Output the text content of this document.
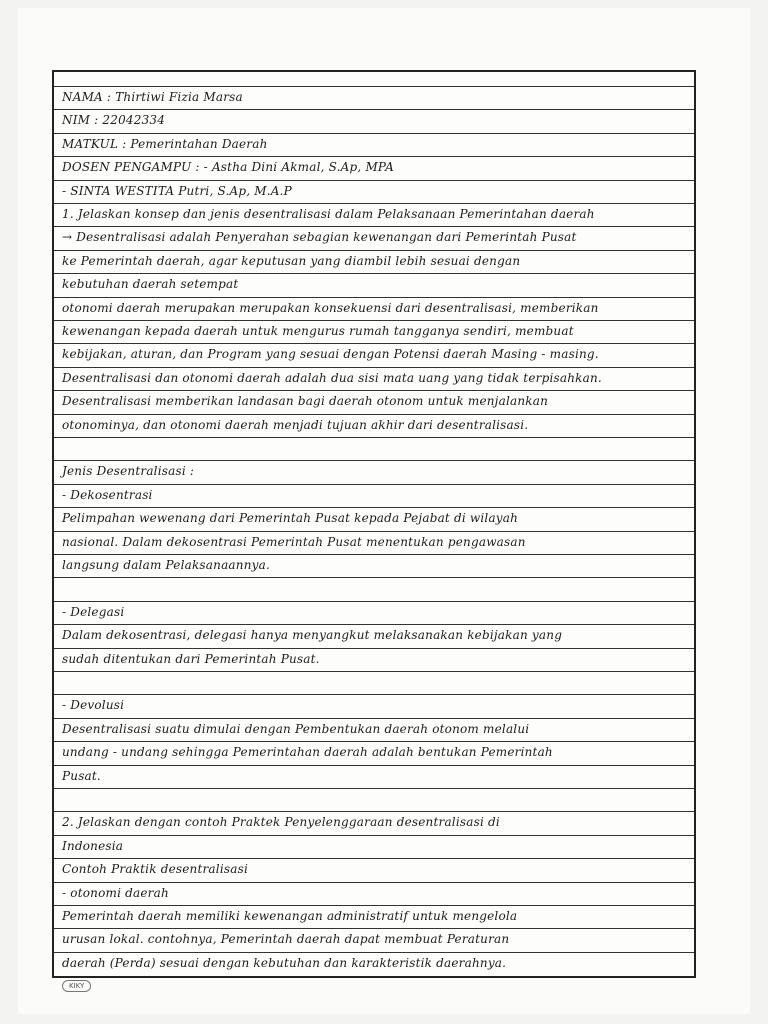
NAMA : Thirtiwi Fizia Marsa
NIM : 22042334
MATKUL : Pemerintahan Daerah
DOSEN PENGAMPU : - Astha Dini Akmal, S.Ap, MPA
- SINTA WESTITA Putri, S.Ap, M.A.P
1. Jelaskan konsep dan jenis desentralisasi dalam Pelaksanaan Pemerintahan daerah
→ Desentralisasi adalah Penyerahan sebagian kewenangan dari Pemerintah Pusat
ke Pemerintah daerah, agar keputusan yang diambil lebih sesuai dengan
kebutuhan daerah setempat
otonomi daerah merupakan merupakan konsekuensi dari desentralisasi, memberikan
kewenangan kepada daerah untuk mengurus rumah tangganya sendiri, membuat
kebijakan, aturan, dan Program yang sesuai dengan Potensi daerah Masing - masing.
Desentralisasi dan otonomi daerah adalah dua sisi mata uang yang tidak terpisahkan.
Desentralisasi memberikan landasan bagi daerah otonom untuk menjalankan
otonominya, dan otonomi daerah menjadi tujuan akhir dari desentralisasi.
Jenis Desentralisasi :
- Dekosentrasi
Pelimpahan wewenang dari Pemerintah Pusat kepada Pejabat di wilayah
nasional. Dalam dekosentrasi Pemerintah Pusat menentukan pengawasan
langsung dalam Pelaksanaannya.
- Delegasi
Dalam dekosentrasi, delegasi hanya menyangkut melaksanakan kebijakan yang
sudah ditentukan dari Pemerintah Pusat.
- Devolusi
Desentralisasi suatu dimulai dengan Pembentukan daerah otonom melalui
undang - undang sehingga Pemerintahan daerah adalah bentukan Pemerintah
Pusat.
2. Jelaskan dengan contoh Praktek Penyelenggaraan desentralisasi di
Indonesia
Contoh Praktik desentralisasi
- otonomi daerah
Pemerintah daerah memiliki kewenangan administratif untuk mengelola
urusan lokal. contohnya, Pemerintah daerah dapat membuat Peraturan
daerah (Perda) sesuai dengan kebutuhan dan karakteristik daerahnya.
KIKY
